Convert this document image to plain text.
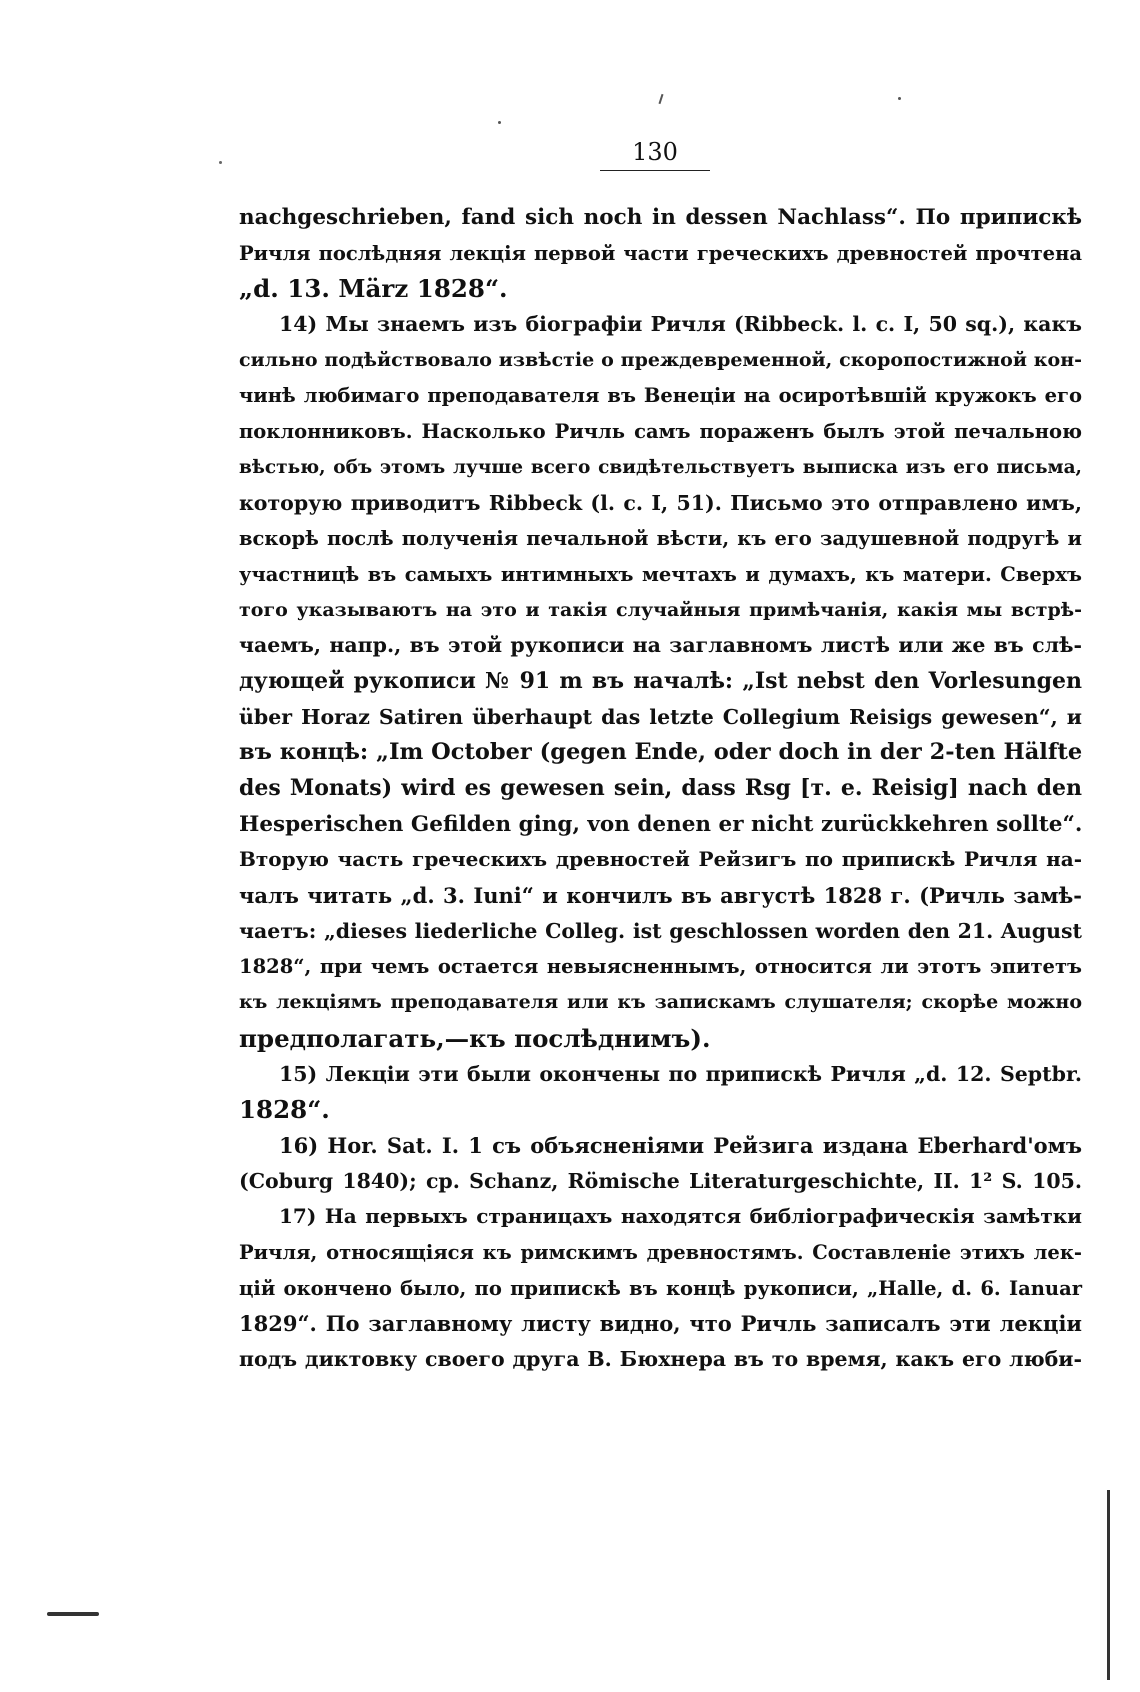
130
nachgeschrieben, fand sich noch in dessen Nachlass“. По припискѣ
Ричля послѣдняя лекція первой части греческихъ древностей прочтена
„d. 13. März 1828“.
14) Мы знаемъ изъ біографіи Ричля (Ribbeck. l. c. I, 50 sq.), какъ
сильно подѣйствовало извѣстіе о преждевременной, скоропостижной кон-
чинѣ любимаго преподавателя въ Венеціи на осиротѣвшій кружокъ его
поклонниковъ. Насколько Ричль самъ пораженъ былъ этой печальною
вѣстью, объ этомъ лучше всего свидѣтельствуетъ выписка изъ его письма,
которую приводитъ Ribbeck (l. c. I, 51). Письмо это отправлено имъ,
вскорѣ послѣ полученія печальной вѣсти, къ его задушевной подругѣ и
участницѣ въ самыхъ интимныхъ мечтахъ и думахъ, къ матери. Сверхъ
того указываютъ на это и такія случайныя примѣчанія, какія мы встрѣ-
чаемъ, напр., въ этой рукописи на заглавномъ листѣ или же въ слѣ-
дующей рукописи № 91 m въ началѣ: „Ist nebst den Vorlesungen
über Horaz Satiren überhaupt das letzte Collegium Reisigs gewesen“, и
въ концѣ: „Im October (gegen Ende, oder doch in der 2-ten Hälfte
des Monats) wird es gewesen sein, dass Rsg [т. е. Reisig] nach den
Hesperischen Gefilden ging, von denen er nicht zurückkehren sollte“.
Вторую часть греческихъ древностей Рейзигъ по припискѣ Ричля на-
чалъ читать „d. 3. Iuni“ и кончилъ въ августѣ 1828 г. (Ричль замѣ-
чаетъ: „dieses liederliche Colleg. ist geschlossen worden den 21. August
1828“, при чемъ остается невыясненнымъ, относится ли этотъ эпитетъ
къ лекціямъ преподавателя или къ запискамъ слушателя; скорѣе можно
предполагать,—къ послѣднимъ).
15) Лекціи эти были окончены по припискѣ Ричля „d. 12. Septbr.
1828“.
16) Hor. Sat. I. 1 съ объясненіями Рейзига издана Eberhard'омъ
(Coburg 1840); cp. Schanz, Römische Literaturgeschichte, II. 1² S. 105.
17) На первыхъ страницахъ находятся библіографическія замѣтки
Ричля, относящіяся къ римскимъ древностямъ. Составленіе этихъ лек-
цій окончено было, по припискѣ въ концѣ рукописи, „Halle, d. 6. Ianuar
1829“. По заглавному листу видно, что Ричль записалъ эти лекціи
подъ диктовку своего друга В. Бюхнера въ то время, какъ его люби-
